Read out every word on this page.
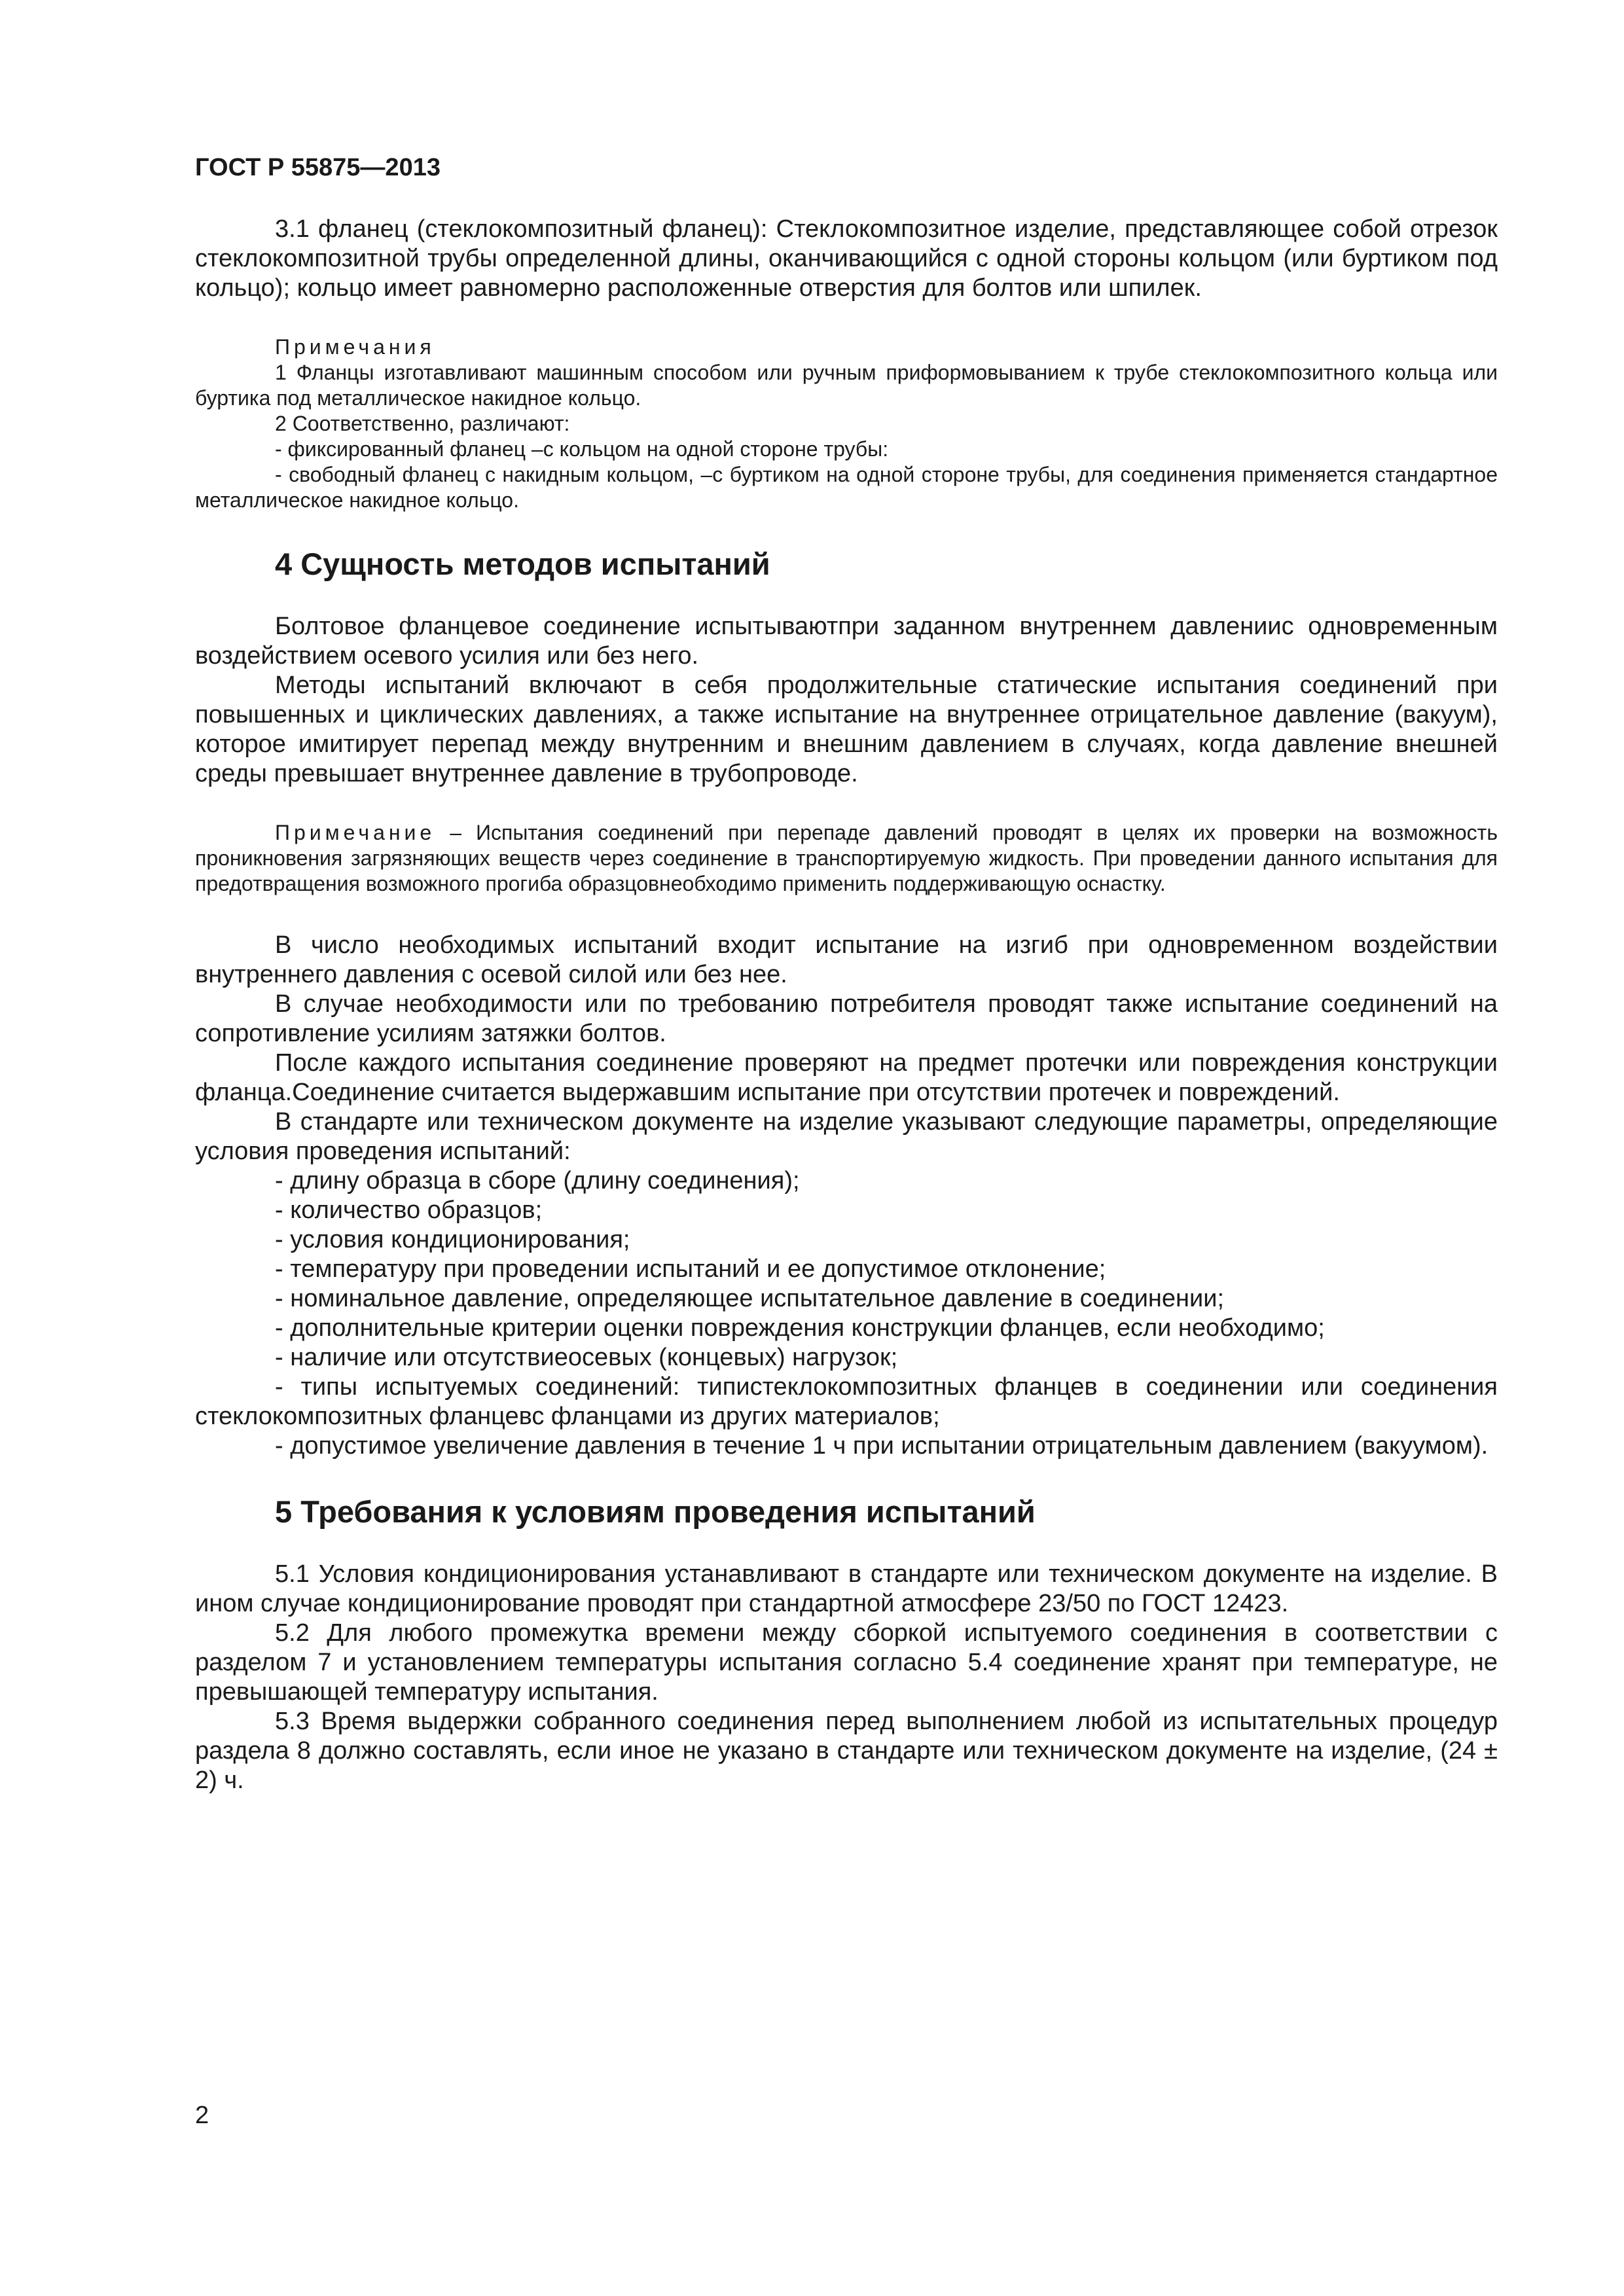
ГОСТ Р 55875—2013

3.1 фланец (стеклокомпозитный фланец): Стеклокомпозитное изделие, представляющее собой отрезок стеклокомпозитной трубы определенной длины, оканчивающийся с одной стороны кольцом (или буртиком под кольцо); кольцо имеет равномерно расположенные отверстия для болтов или шпилек.

Примечания

1 Фланцы изготавливают машинным способом или ручным приформовыванием к трубе стеклокомпозитного кольца или буртика под металлическое накидное кольцо.

2 Соответственно, различают:

- фиксированный фланец –с кольцом на одной стороне трубы:

- свободный фланец с накидным кольцом, –с буртиком на одной стороне трубы, для соединения применяется стандартное металлическое накидное кольцо.

4 Сущность методов испытаний

Болтовое фланцевое соединение испытываютпри заданном внутреннем давлениис одновременным воздействием осевого усилия или без него.

Методы испытаний включают в себя продолжительные статические испытания соединений при повышенных и циклических давлениях, а также испытание на внутреннее отрицательное давление (вакуум), которое имитирует перепад между внутренним и внешним давлением в случаях, когда давление внешней среды превышает внутреннее давление в трубопроводе.

Примечание – Испытания соединений при перепаде давлений проводят в целях их проверки на возможность проникновения загрязняющих веществ через соединение в транспортируемую жидкость. При проведении данного испытания для предотвращения возможного прогиба образцовнеобходимо применить поддерживающую оснастку.

В число необходимых испытаний входит испытание на изгиб при одновременном воздействии внутреннего давления с осевой силой или без нее.

В случае необходимости или по требованию потребителя проводят также испытание соединений на сопротивление усилиям затяжки болтов.

После каждого испытания соединение проверяют на предмет протечки или повреждения конструкции фланца.Соединение считается выдержавшим испытание при отсутствии протечек и повреждений.

В стандарте или техническом документе на изделие указывают следующие параметры, определяющие условия проведения испытаний:

- длину образца в сборе (длину соединения);

- количество образцов;

- условия кондиционирования;

- температуру при проведении испытаний и ее допустимое отклонение;

- номинальное давление, определяющее испытательное давление в соединении;

- дополнительные критерии оценки повреждения конструкции фланцев, если необходимо;

- наличие или отсутствиеосевых (концевых) нагрузок;

- типы испытуемых соединений: типистеклокомпозитных фланцев в соединении или соединения стеклокомпозитных фланцевс фланцами из других материалов;

- допустимое увеличение давления в течение 1 ч при испытании отрицательным давлением (вакуумом).

5 Требования к условиям проведения испытаний

5.1 Условия кондиционирования устанавливают в стандарте или техническом документе на изделие. В ином случае кондиционирование проводят при стандартной атмосфере 23/50 по ГОСТ 12423.

5.2 Для любого промежутка времени между сборкой испытуемого соединения в соответствии с разделом 7 и установлением температуры испытания согласно 5.4 соединение хранят при температуре, не превышающей температуру испытания.

5.3 Время выдержки собранного соединения перед выполнением любой из испытательных процедур раздела 8 должно составлять, если иное не указано в стандарте или техническом документе на изделие, (24 ± 2) ч.

2
